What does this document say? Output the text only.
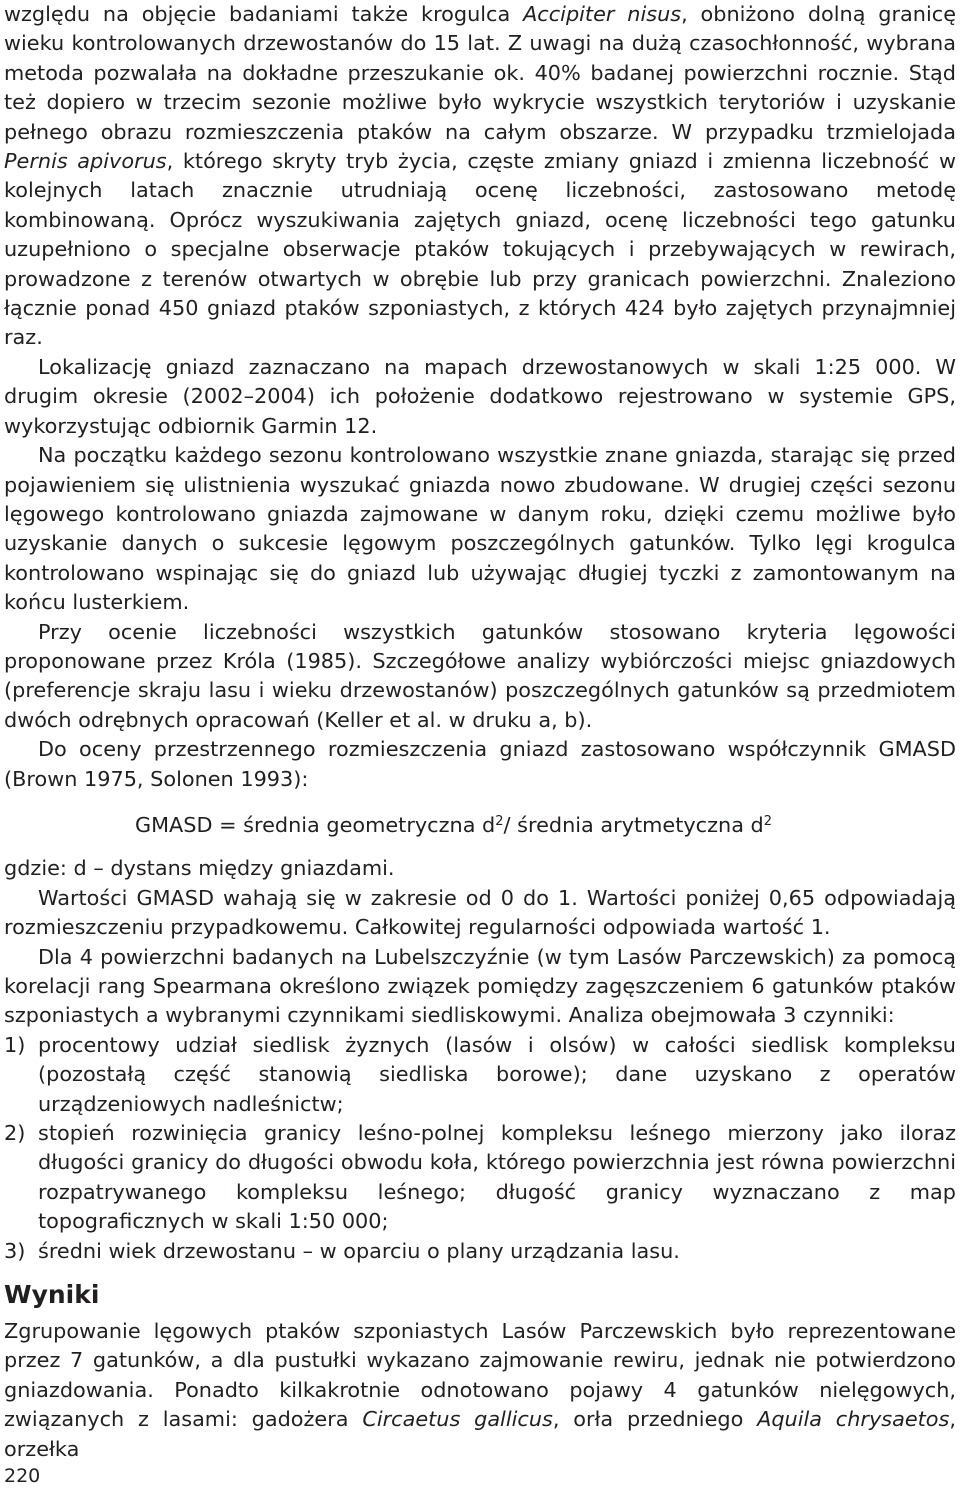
względu na objęcie badaniami także krogulca Accipiter nisus, obniżono dolną granicę wieku kontrolowanych drzewostanów do 15 lat. Z uwagi na dużą czasochłonność, wybrana metoda pozwalała na dokładne przeszukanie ok. 40% badanej powierzchni rocznie. Stąd też dopiero w trzecim sezonie możliwe było wykrycie wszystkich terytoriów i uzyskanie pełnego obrazu rozmieszczenia ptaków na całym obszarze. W przypadku trzmielojada Pernis apivorus, którego skryty tryb życia, częste zmiany gniazd i zmienna liczebność w kolejnych latach znacznie utrudniają ocenę liczebności, zastosowano metodę kombinowaną. Oprócz wyszukiwania zajętych gniazd, ocenę liczebności tego gatunku uzupełniono o specjalne obserwacje ptaków tokujących i przebywających w rewirach, prowadzone z terenów otwartych w obrębie lub przy granicach powierzchni. Znaleziono łącznie ponad 450 gniazd ptaków szponiastych, z których 424 było zajętych przynajmniej raz.

Lokalizację gniazd zaznaczano na mapach drzewostanowych w skali 1:25 000. W drugim okresie (2002–2004) ich położenie dodatkowo rejestrowano w systemie GPS, wykorzystując odbiornik Garmin 12.

Na początku każdego sezonu kontrolowano wszystkie znane gniazda, starając się przed pojawieniem się ulistnienia wyszukać gniazda nowo zbudowane. W drugiej części sezonu lęgowego kontrolowano gniazda zajmowane w danym roku, dzięki czemu możliwe było uzyskanie danych o sukcesie lęgowym poszczególnych gatunków. Tylko lęgi krogulca kontrolowano wspinając się do gniazd lub używając długiej tyczki z zamontowanym na końcu lusterkiem.

Przy ocenie liczebności wszystkich gatunków stosowano kryteria lęgowości proponowane przez Króla (1985). Szczegółowe analizy wybiórczości miejsc gniazdowych (preferencje skraju lasu i wieku drzewostanów) poszczególnych gatunków są przedmiotem dwóch odrębnych opracowań (Keller et al. w druku a, b).

Do oceny przestrzennego rozmieszczenia gniazd zastosowano współczynnik GMASD (Brown 1975, Solonen 1993):

GMASD = średnia geometryczna $d^2/$ średnia arytmetyczna $d^2$

gdzie: d – dystans między gniazdami.

Wartości GMASD wahają się w zakresie od 0 do 1. Wartości poniżej 0,65 odpowiadają rozmieszczeniu przypadkowemu. Całkowitej regularności odpowiada wartość 1.

Dla 4 powierzchni badanych na Lubelszczyźnie (w tym Lasów Parczewskich) za pomocą korelacji rang Spearmana określono związek pomiędzy zagęszczeniem 6 gatunków ptaków szponiastych a wybranymi czynnikami siedliskowymi. Analiza obejmowała 3 czynniki:

1) procentowy udział siedlisk żyznych (lasów i olsów) w całości siedlisk kompleksu (pozostałą część stanowią siedliska borowe); dane uzyskano z operatów urządzeniowych nadleśnictw;
2) stopień rozwinięcia granicy leśno-polnej kompleksu leśnego mierzony jako iloraz długości granicy do długości obwodu koła, którego powierzchnia jest równa powierzchni rozpatrywanego kompleksu leśnego; długość granicy wyznaczano z map topograficznych w skali 1:50 000;
3) średni wiek drzewostanu – w oparciu o plany urządzania lasu.
Wyniki

Zgrupowanie lęgowych ptaków szponiastych Lasów Parczewskich było reprezentowane przez 7 gatunków, a dla pustułki wykazano zajmowanie rewiru, jednak nie potwierdzono gniazdowania. Ponadto kilkakrotnie odnotowano pojawy 4 gatunków nielęgowych, związanych z lasami: gadożera Circaetus gallicus, orła przedniego Aquila chrysaetos, orzełka

220
